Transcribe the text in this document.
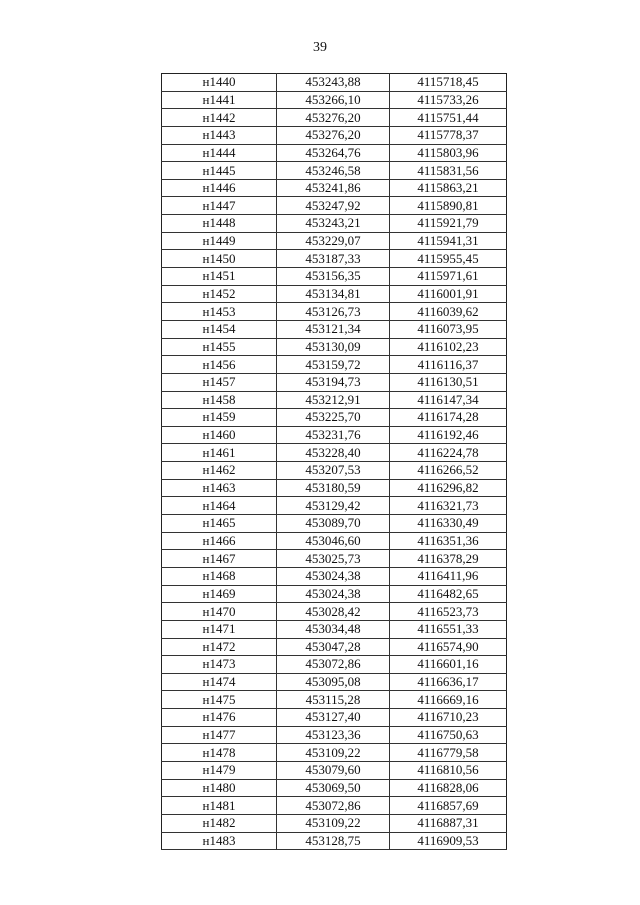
39
н1440	453243,88	4115718,45
н1441	453266,10	4115733,26
н1442	453276,20	4115751,44
н1443	453276,20	4115778,37
н1444	453264,76	4115803,96
н1445	453246,58	4115831,56
н1446	453241,86	4115863,21
н1447	453247,92	4115890,81
н1448	453243,21	4115921,79
н1449	453229,07	4115941,31
н1450	453187,33	4115955,45
н1451	453156,35	4115971,61
н1452	453134,81	4116001,91
н1453	453126,73	4116039,62
н1454	453121,34	4116073,95
н1455	453130,09	4116102,23
н1456	453159,72	4116116,37
н1457	453194,73	4116130,51
н1458	453212,91	4116147,34
н1459	453225,70	4116174,28
н1460	453231,76	4116192,46
н1461	453228,40	4116224,78
н1462	453207,53	4116266,52
н1463	453180,59	4116296,82
н1464	453129,42	4116321,73
н1465	453089,70	4116330,49
н1466	453046,60	4116351,36
н1467	453025,73	4116378,29
н1468	453024,38	4116411,96
н1469	453024,38	4116482,65
н1470	453028,42	4116523,73
н1471	453034,48	4116551,33
н1472	453047,28	4116574,90
н1473	453072,86	4116601,16
н1474	453095,08	4116636,17
н1475	453115,28	4116669,16
н1476	453127,40	4116710,23
н1477	453123,36	4116750,63
н1478	453109,22	4116779,58
н1479	453079,60	4116810,56
н1480	453069,50	4116828,06
н1481	453072,86	4116857,69
н1482	453109,22	4116887,31
н1483	453128,75	4116909,53
